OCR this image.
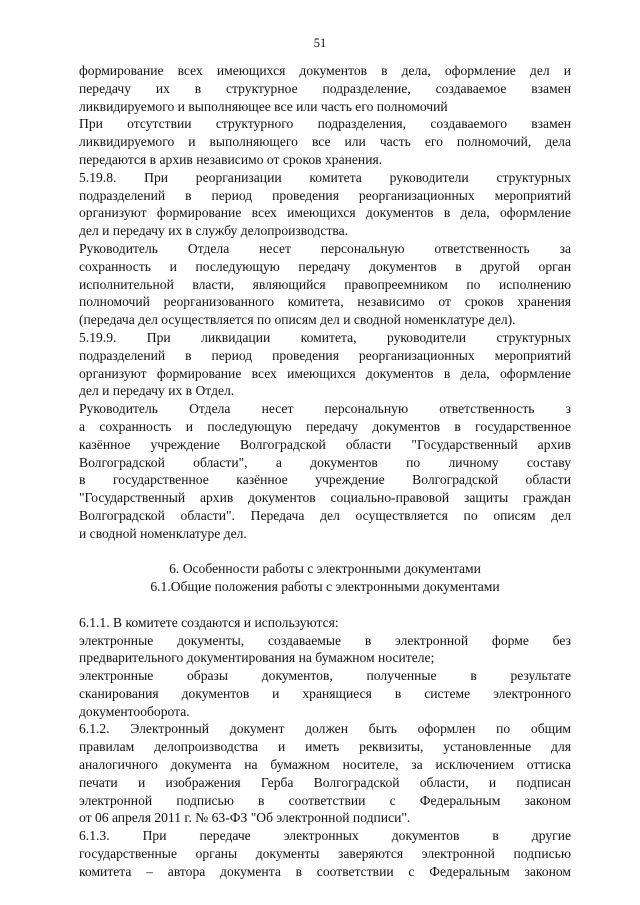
51
формирование всех имеющихся документов в дела, оформление дел и
передачу их в структурное подразделение, создаваемое взамен
ликвидируемого и выполняющее все или часть его полномочий
При отсутствии структурного подразделения, создаваемого взамен
ликвидируемого и выполняющего все или часть его полномочий, дела
передаются в архив независимо от сроков хранения.
5.19.8. При реорганизации комитета руководители структурных
подразделений в период проведения реорганизационных мероприятий
организуют формирование всех имеющихся документов в дела, оформление
дел и передачу их в службу делопроизводства.
Руководитель Отдела несет персональную ответственность за
сохранность и последующую передачу документов в другой орган
исполнительной власти, являющийся правопреемником по исполнению
полномочий реорганизованного комитета, независимо от сроков хранения
(передача дел осуществляется по описям дел и сводной номенклатуре дел).
5.19.9. При ликвидации комитета, руководители структурных
подразделений в период проведения реорганизационных мероприятий
организуют формирование всех имеющихся документов в дела, оформление
дел и передачу их в Отдел.
Руководитель Отдела несет персональную ответственность з
а сохранность и последующую передачу документов в государственное
казённое учреждение Волгоградской области "Государственный архив
Волгоградской области", а документов по личному составу
в государственное казённое учреждение Волгоградской области
"Государственный архив документов социально-правовой защиты граждан
Волгоградской области". Передача дел осуществляется по описям дел
и сводной номенклатуре дел.
6. Особенности работы с электронными документами
6.1.Общие положения работы с электронными документами
6.1.1. В комитете создаются и используются:
электронные документы, создаваемые в электронной форме без
предварительного документирования на бумажном носителе;
электронные образы документов, полученные в результате
сканирования документов и хранящиеся в системе электронного
документооборота.
6.1.2. Электронный документ должен быть оформлен по общим
правилам делопроизводства и иметь реквизиты, установленные для
аналогичного документа на бумажном носителе, за исключением оттиска
печати и изображения Герба Волгоградской области, и подписан
электронной подписью в соответствии с Федеральным законом
от 06 апреля 2011 г. № 63-ФЗ "Об электронной подписи".
6.1.3. При передаче электронных документов в другие
государственные органы документы заверяются электронной подписью
комитета – автора документа в соответствии с Федеральным законом
